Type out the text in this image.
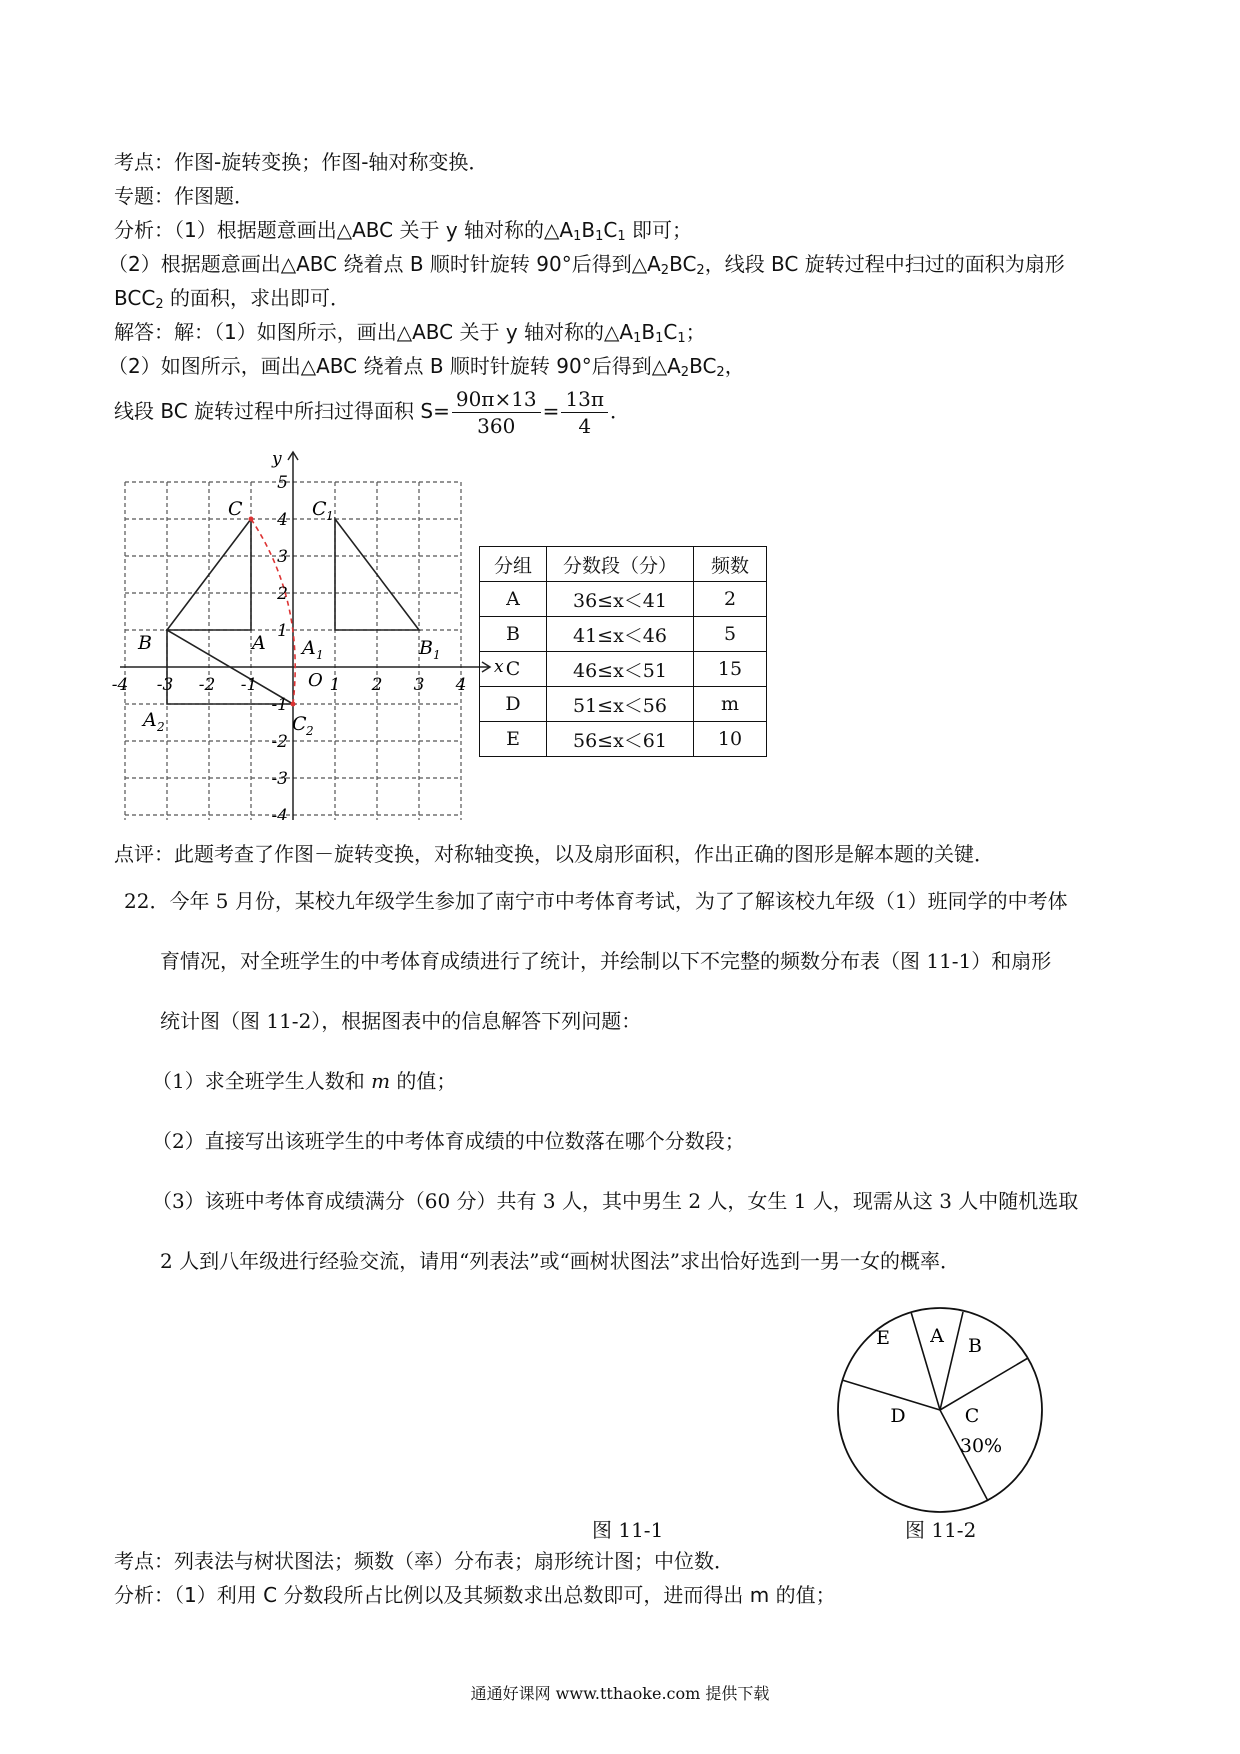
考点：作图-旋转变换；作图-轴对称变换．
专题：作图题．
分析：（1）根据题意画出△ABC 关于 y 轴对称的$\triangle A_1B_1C_1$ 即可；
（2）根据题意画出△ABC 绕着点 B 顺时针旋转 90°后得到$\triangle A_2BC_2$，线段 BC 旋转过程中扫过的面积为扇形
$BCC_2$ 的面积，求出即可．
解答：解：（1）如图所示，画出△ABC 关于 y 轴对称的$\triangle A_1B_1C_1$；
（2）如图所示，画出△ABC 绕着点 B 顺时针旋转 90°后得到$\triangle A_2BC_2$，
线段 BC 旋转过程中所扫过得面积 $S= \frac{90\pi\times 13}{360} = \frac{13\pi}{4}$ ．
x
y
O
-4 -3 -2 -1	1 2 3 4
5
4
3
2
1
-1
-2
-3
-4
C
B	A
C 1
A 1	B 1
A 2	C 2
分组	分数段（分）	频数
A	36≤x＜41	2
B	41≤x＜46	5
C	46≤x＜51	15
D	51≤x＜56	m
E	56≤x＜61	10
点评：此题考查了作图－旋转变换，对称轴变换，以及扇形面积，作出正确的图形是解本题的关键．
22．今年 5 月份，某校九年级学生参加了南宁市中考体育考试，为了了解该校九年级（1）班同学的中考体
育情况，对全班学生的中考体育成绩进行了统计，并绘制以下不完整的频数分布表（图 11-1）和扇形
统计图（图 11-2），根据图表中的信息解答下列问题：
（1）求全班学生人数和 m 的值；
（2）直接写出该班学生的中考体育成绩的中位数落在哪个分数段；
（3）该班中考体育成绩满分（60 分）共有 3 人，其中男生 2 人，女生 1 人，现需从这 3 人中随机选取
2 人到八年级进行经验交流，请用“列表法”或“画树状图法”求出恰好选到一男一女的概率．
A B
C
D
E
30%
图 11-1	图 11-2
考点：列表法与树状图法；频数（率）分布表；扇形统计图；中位数．
分析：（1）利用 C 分数段所占比例以及其频数求出总数即可，进而得出 m 的值；
通通好课网 www.tthaoke.com 提供下载
